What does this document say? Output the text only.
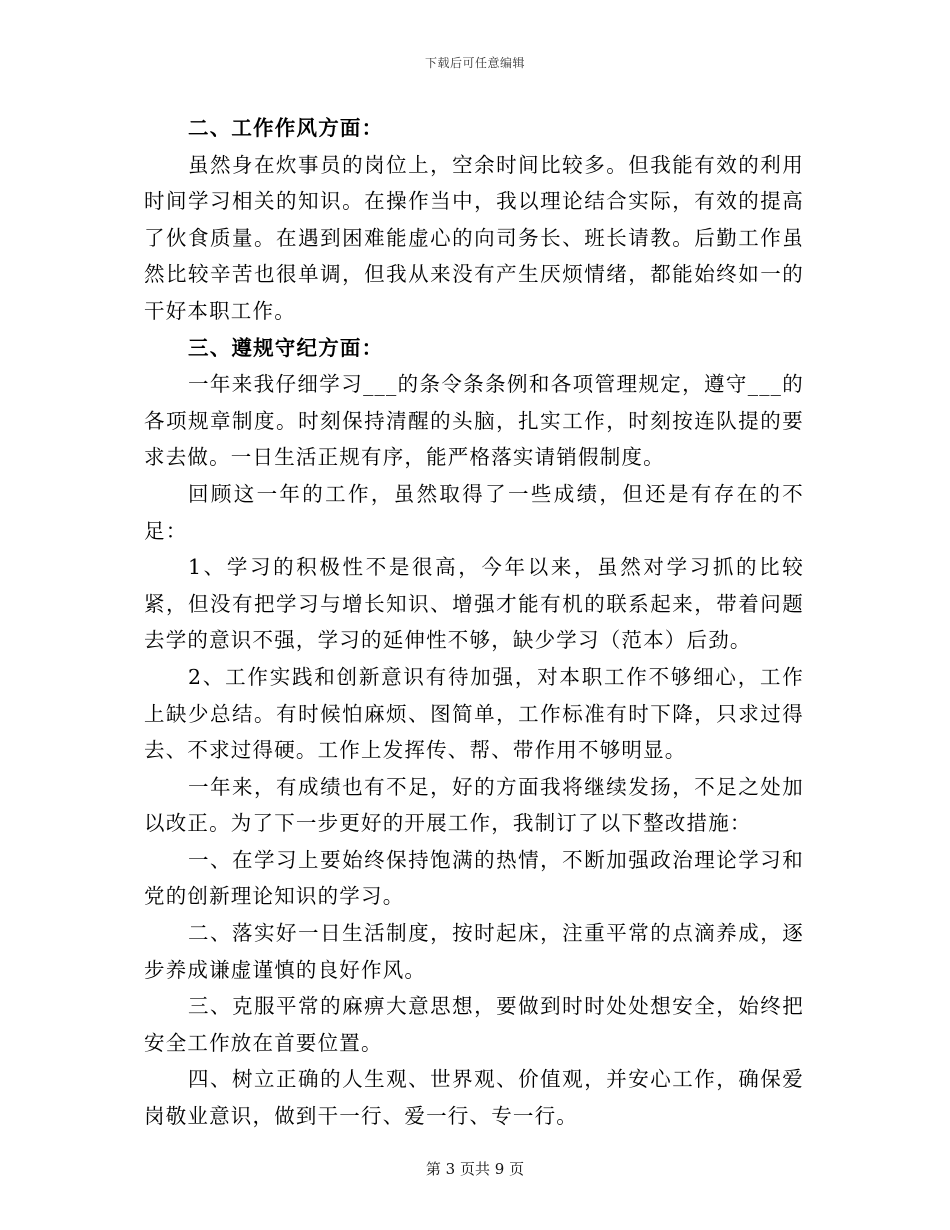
下载后可任意编辑

二、工作作风方面：

虽然身在炊事员的岗位上，空余时间比较多。但我能有效的利用时间学习相关的知识。在操作当中，我以理论结合实际，有效的提高了伙食质量。在遇到困难能虚心的向司务长、班长请教。后勤工作虽然比较辛苦也很单调，但我从来没有产生厌烦情绪，都能始终如一的干好本职工作。

三、遵规守纪方面：

一年来我仔细学习___的条令条条例和各项管理规定，遵守___的各项规章制度。时刻保持清醒的头脑，扎实工作，时刻按连队提的要求去做。一日生活正规有序，能严格落实请销假制度。

回顾这一年的工作，虽然取得了一些成绩，但还是有存在的不足：

1、学习的积极性不是很高，今年以来，虽然对学习抓的比较紧，但没有把学习与增长知识、增强才能有机的联系起来，带着问题去学的意识不强，学习的延伸性不够，缺少学习（范本）后劲。

2、工作实践和创新意识有待加强，对本职工作不够细心，工作上缺少总结。有时候怕麻烦、图简单，工作标准有时下降，只求过得去、不求过得硬。工作上发挥传、帮、带作用不够明显。

一年来，有成绩也有不足，好的方面我将继续发扬，不足之处加以改正。为了下一步更好的开展工作，我制订了以下整改措施：

一、在学习上要始终保持饱满的热情，不断加强政治理论学习和党的创新理论知识的学习。

二、落实好一日生活制度，按时起床，注重平常的点滴养成，逐步养成谦虚谨慎的良好作风。

三、克服平常的麻痹大意思想，要做到时时处处想安全，始终把安全工作放在首要位置。

四、树立正确的人生观、世界观、价值观，并安心工作，确保爱岗敬业意识，做到干一行、爱一行、专一行。

第 3 页共 9 页
